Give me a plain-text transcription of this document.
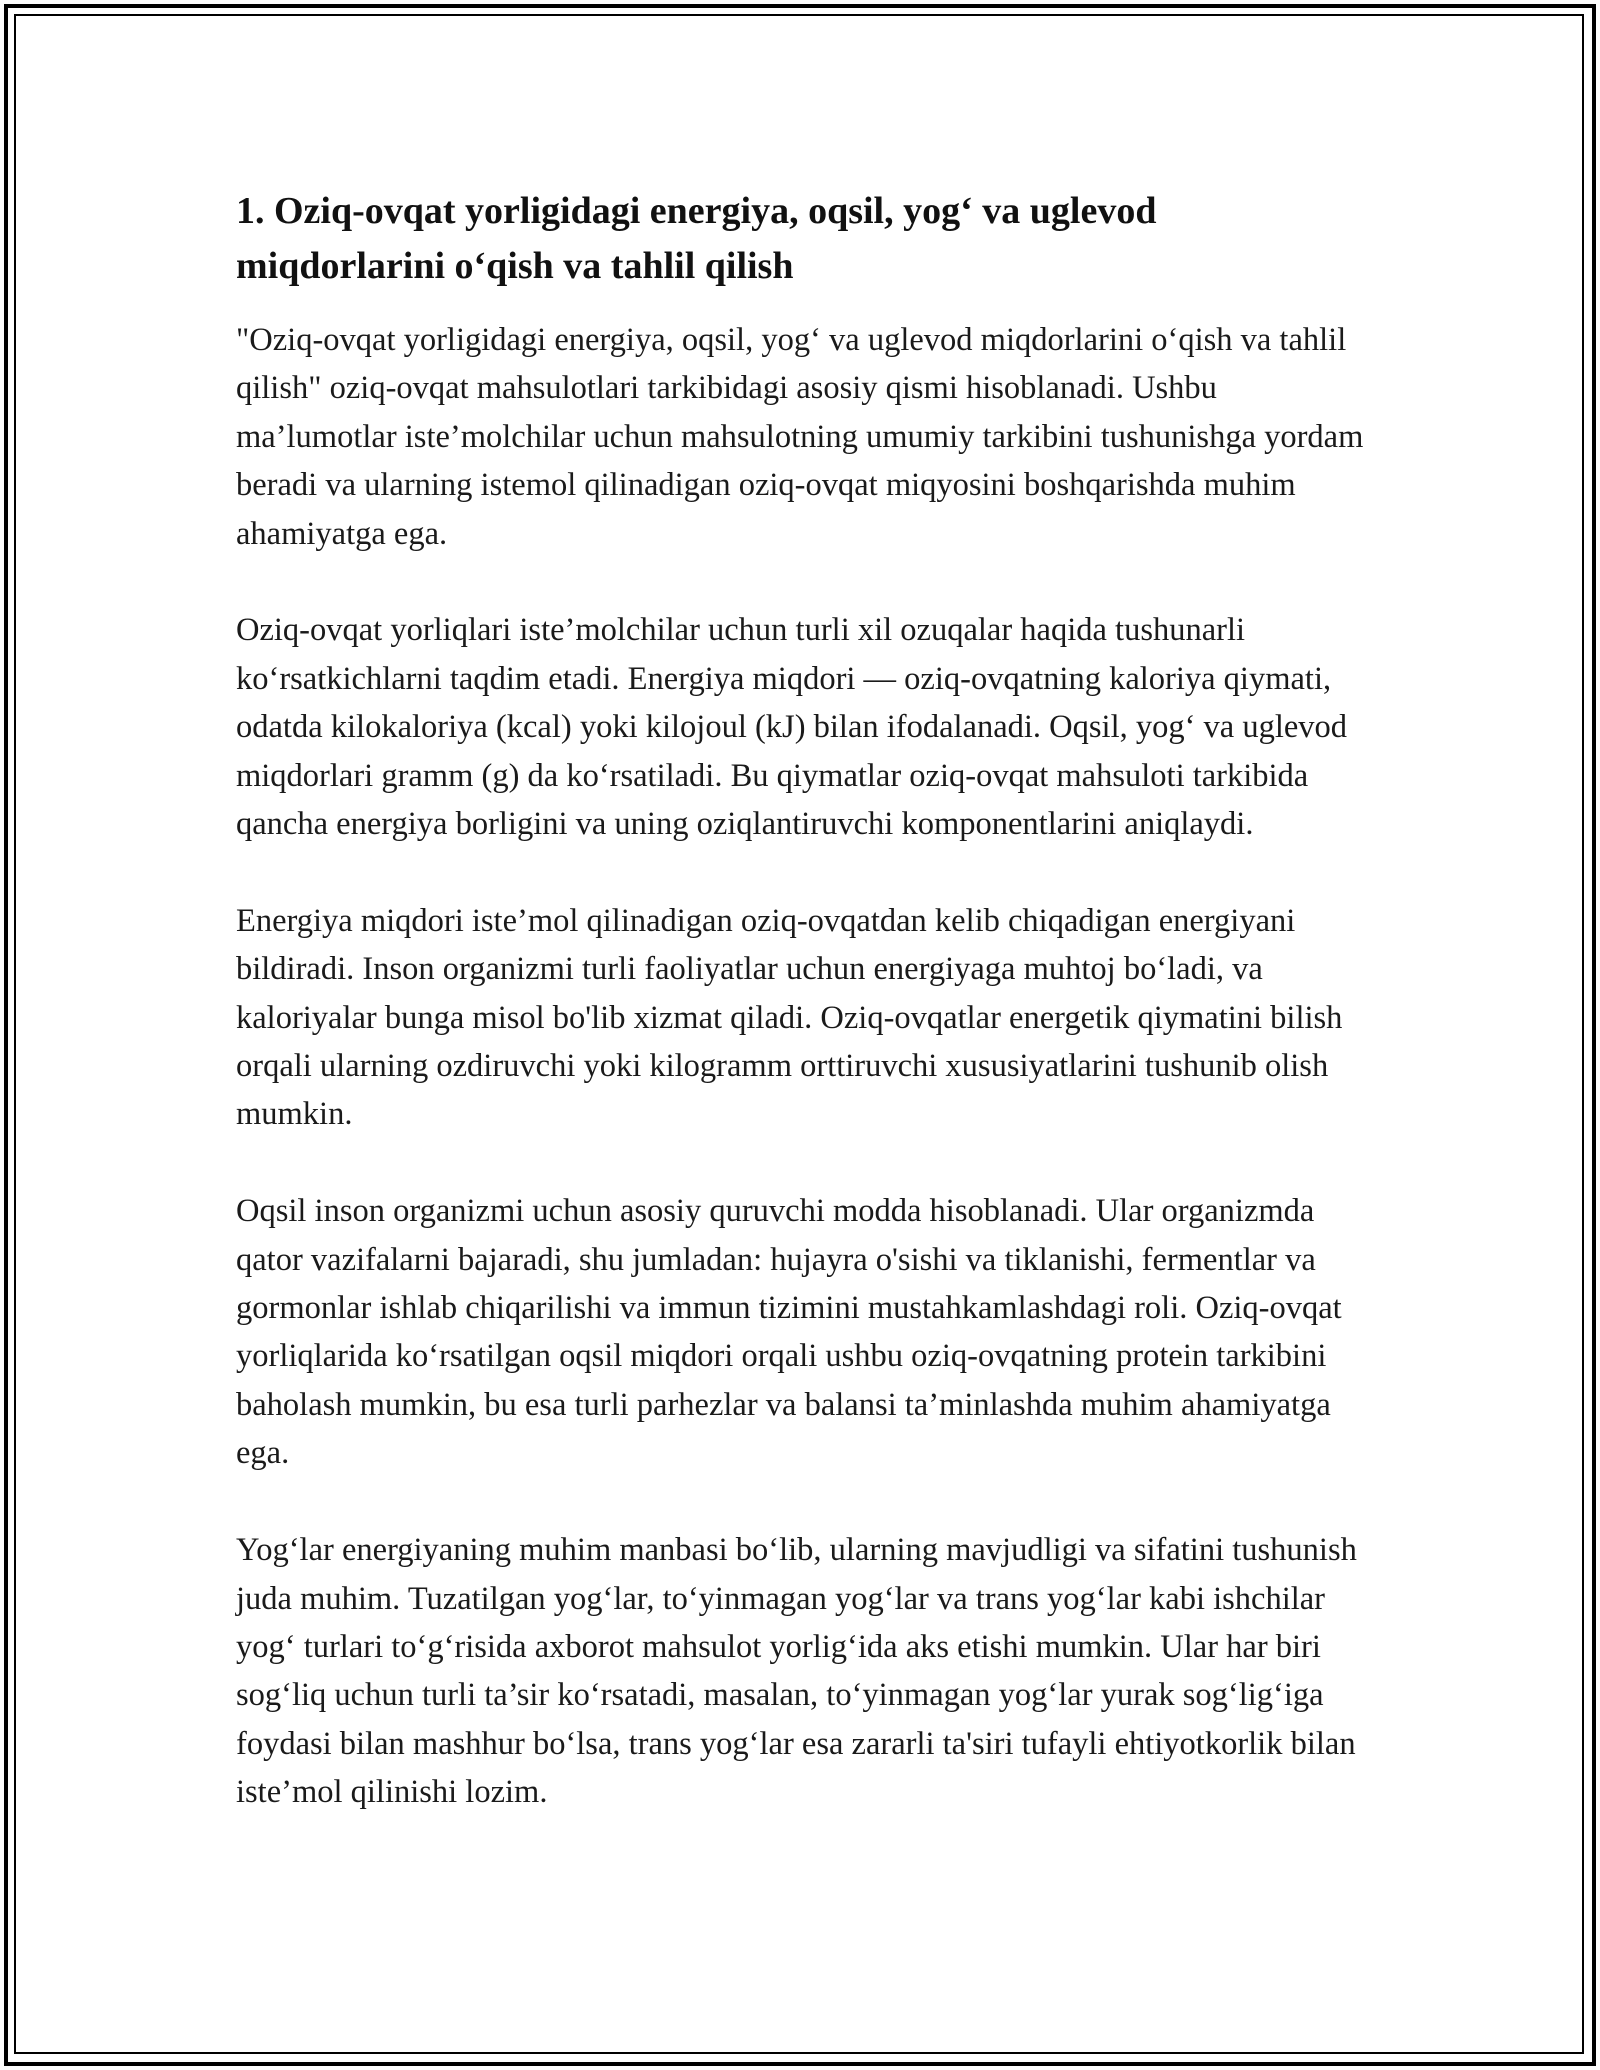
1. Oziq-ovqat yorligidagi energiya, oqsil, yog‘ va uglevod miqdorlarini o‘qish va tahlil qilish

"Oziq-ovqat yorligidagi energiya, oqsil, yog‘ va uglevod miqdorlarini o‘qish va tahlil qilish" oziq-ovqat mahsulotlari tarkibidagi asosiy qismi hisoblanadi. Ushbu ma’lumotlar iste’molchilar uchun mahsulotning umumiy tarkibini tushunishga yordam beradi va ularning istemol qilinadigan oziq-ovqat miqyosini boshqarishda muhim ahamiyatga ega.

Oziq-ovqat yorliqlari iste’molchilar uchun turli xil ozuqalar haqida tushunarli ko‘rsatkichlarni taqdim etadi. Energiya miqdori — oziq-ovqatning kaloriya qiymati, odatda kilokaloriya (kcal) yoki kilojoul (kJ) bilan ifodalanadi. Oqsil, yog‘ va uglevod miqdorlari gramm (g) da ko‘rsatiladi. Bu qiymatlar oziq-ovqat mahsuloti tarkibida qancha energiya borligini va uning oziqlantiruvchi komponentlarini aniqlaydi.

Energiya miqdori iste’mol qilinadigan oziq-ovqatdan kelib chiqadigan energiyani bildiradi. Inson organizmi turli faoliyatlar uchun energiyaga muhtoj bo‘ladi, va kaloriyalar bunga misol bo'lib xizmat qiladi. Oziq-ovqatlar energetik qiymatini bilish orqali ularning ozdiruvchi yoki kilogramm orttiruvchi xususiyatlarini tushunib olish mumkin.

Oqsil inson organizmi uchun asosiy quruvchi modda hisoblanadi. Ular organizmda qator vazifalarni bajaradi, shu jumladan: hujayra o'sishi va tiklanishi, fermentlar va gormonlar ishlab chiqarilishi va immun tizimini mustahkamlashdagi roli. Oziq-ovqat yorliqlarida ko‘rsatilgan oqsil miqdori orqali ushbu oziq-ovqatning protein tarkibini baholash mumkin, bu esa turli parhezlar va balansi ta’minlashda muhim ahamiyatga ega.

Yog‘lar energiyaning muhim manbasi bo‘lib, ularning mavjudligi va sifatini tushunish juda muhim. Tuzatilgan yog‘lar, to‘yinmagan yog‘lar va trans yog‘lar kabi ishchilar yog‘ turlari to‘g‘risida axborot mahsulot yorlig‘ida aks etishi mumkin. Ular har biri sog‘liq uchun turli ta’sir ko‘rsatadi, masalan, to‘yinmagan yog‘lar yurak sog‘lig‘iga foydasi bilan mashhur bo‘lsa, trans yog‘lar esa zararli ta'siri tufayli ehtiyotkorlik bilan iste’mol qilinishi lozim.
